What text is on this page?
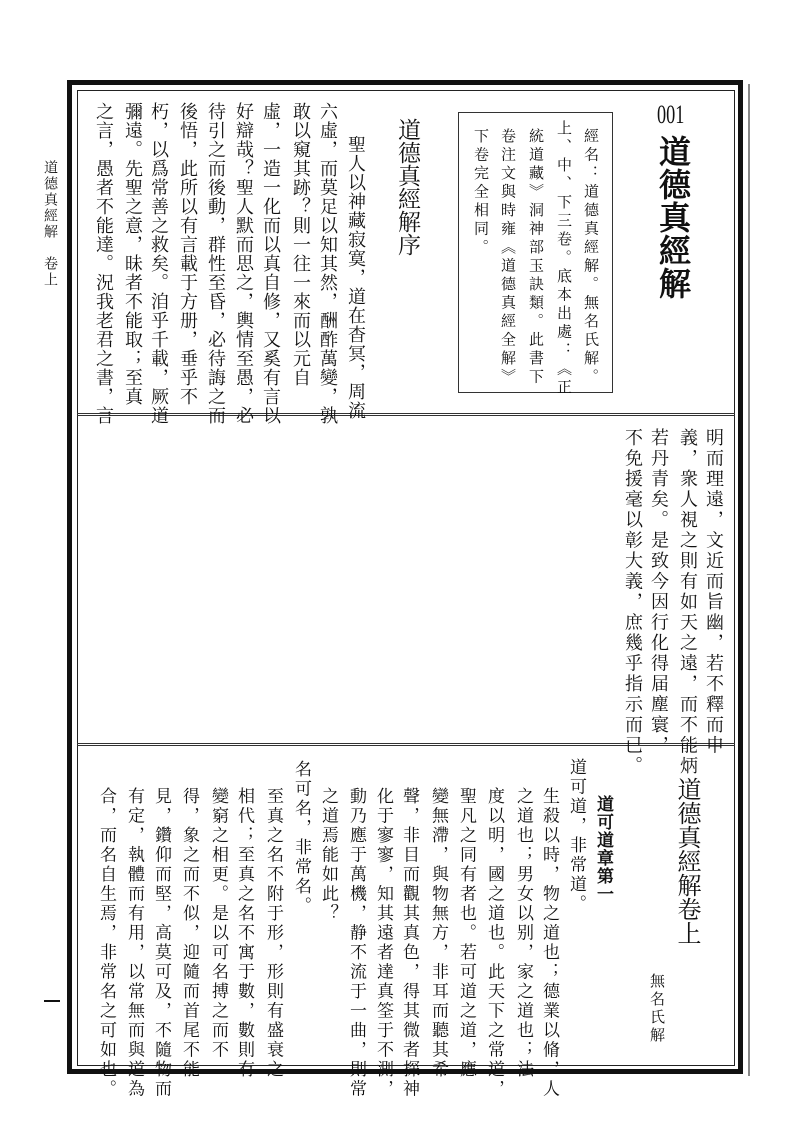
道德真經解卷上
001
道德真經解
經名：道德真經解。無名氏解。
上、中、下三卷。底本出處：《正
統道藏》洞神部玉訣類。此書下
卷注文與時雍《道德真經全解》
下卷完全相同。
道德真經解序
聖人以神藏寂寞，道在杳冥，周流
六虛，而莫足以知其然，酬酢萬變，孰
敢以窺其跡？則一往一來而以元自
虛，一造一化而以真自修，又奚有言以
好辯哉？聖人默而思之，輿情至愚，必
待引之而後動，群性至昏，必待誨之而
後悟，此所以有言載于方册，垂乎不
朽，以爲常善之救矣。洎乎千載，厥道
彌遠。先聖之意，昧者不能取；至真
之言，愚者不能達。況我老君之書，言
明而理遠，文近而旨幽，若不釋而申
義，衆人視之則有如天之遠，而不能炳
若丹青矣。是致今因行化得届塵寰，
不免援毫以彰大義，庶幾乎指示而已。
道德真經解卷上
無名氏解
道可道章第一
道可道，非常道。
生殺以時，物之道也；德業以脩，人
之道也；男女以别，家之道也；法
度以明，國之道也。此天下之常道，
聖凡之同有者也。若可道之道，應
變無滯，與物無方，非耳而聽其希
聲，非目而觀其真色，得其微者探神
化于寥寥，知其遠者達真筌于不測，
動乃應于萬機，静不流于一曲，則常
之道焉能如此？
名可名，非常名。
至真之名不附于形，形則有盛衰之
相代；至真之名不寓于數，數則有
變窮之相更。是以可名搏之而不
得，象之而不似，迎隨而首尾不能
見，鑽仰而堅，高莫可及，不隨物而
有定，執體而有用，以常無而與道為
合，而名自生焉，非常名之可如也。
